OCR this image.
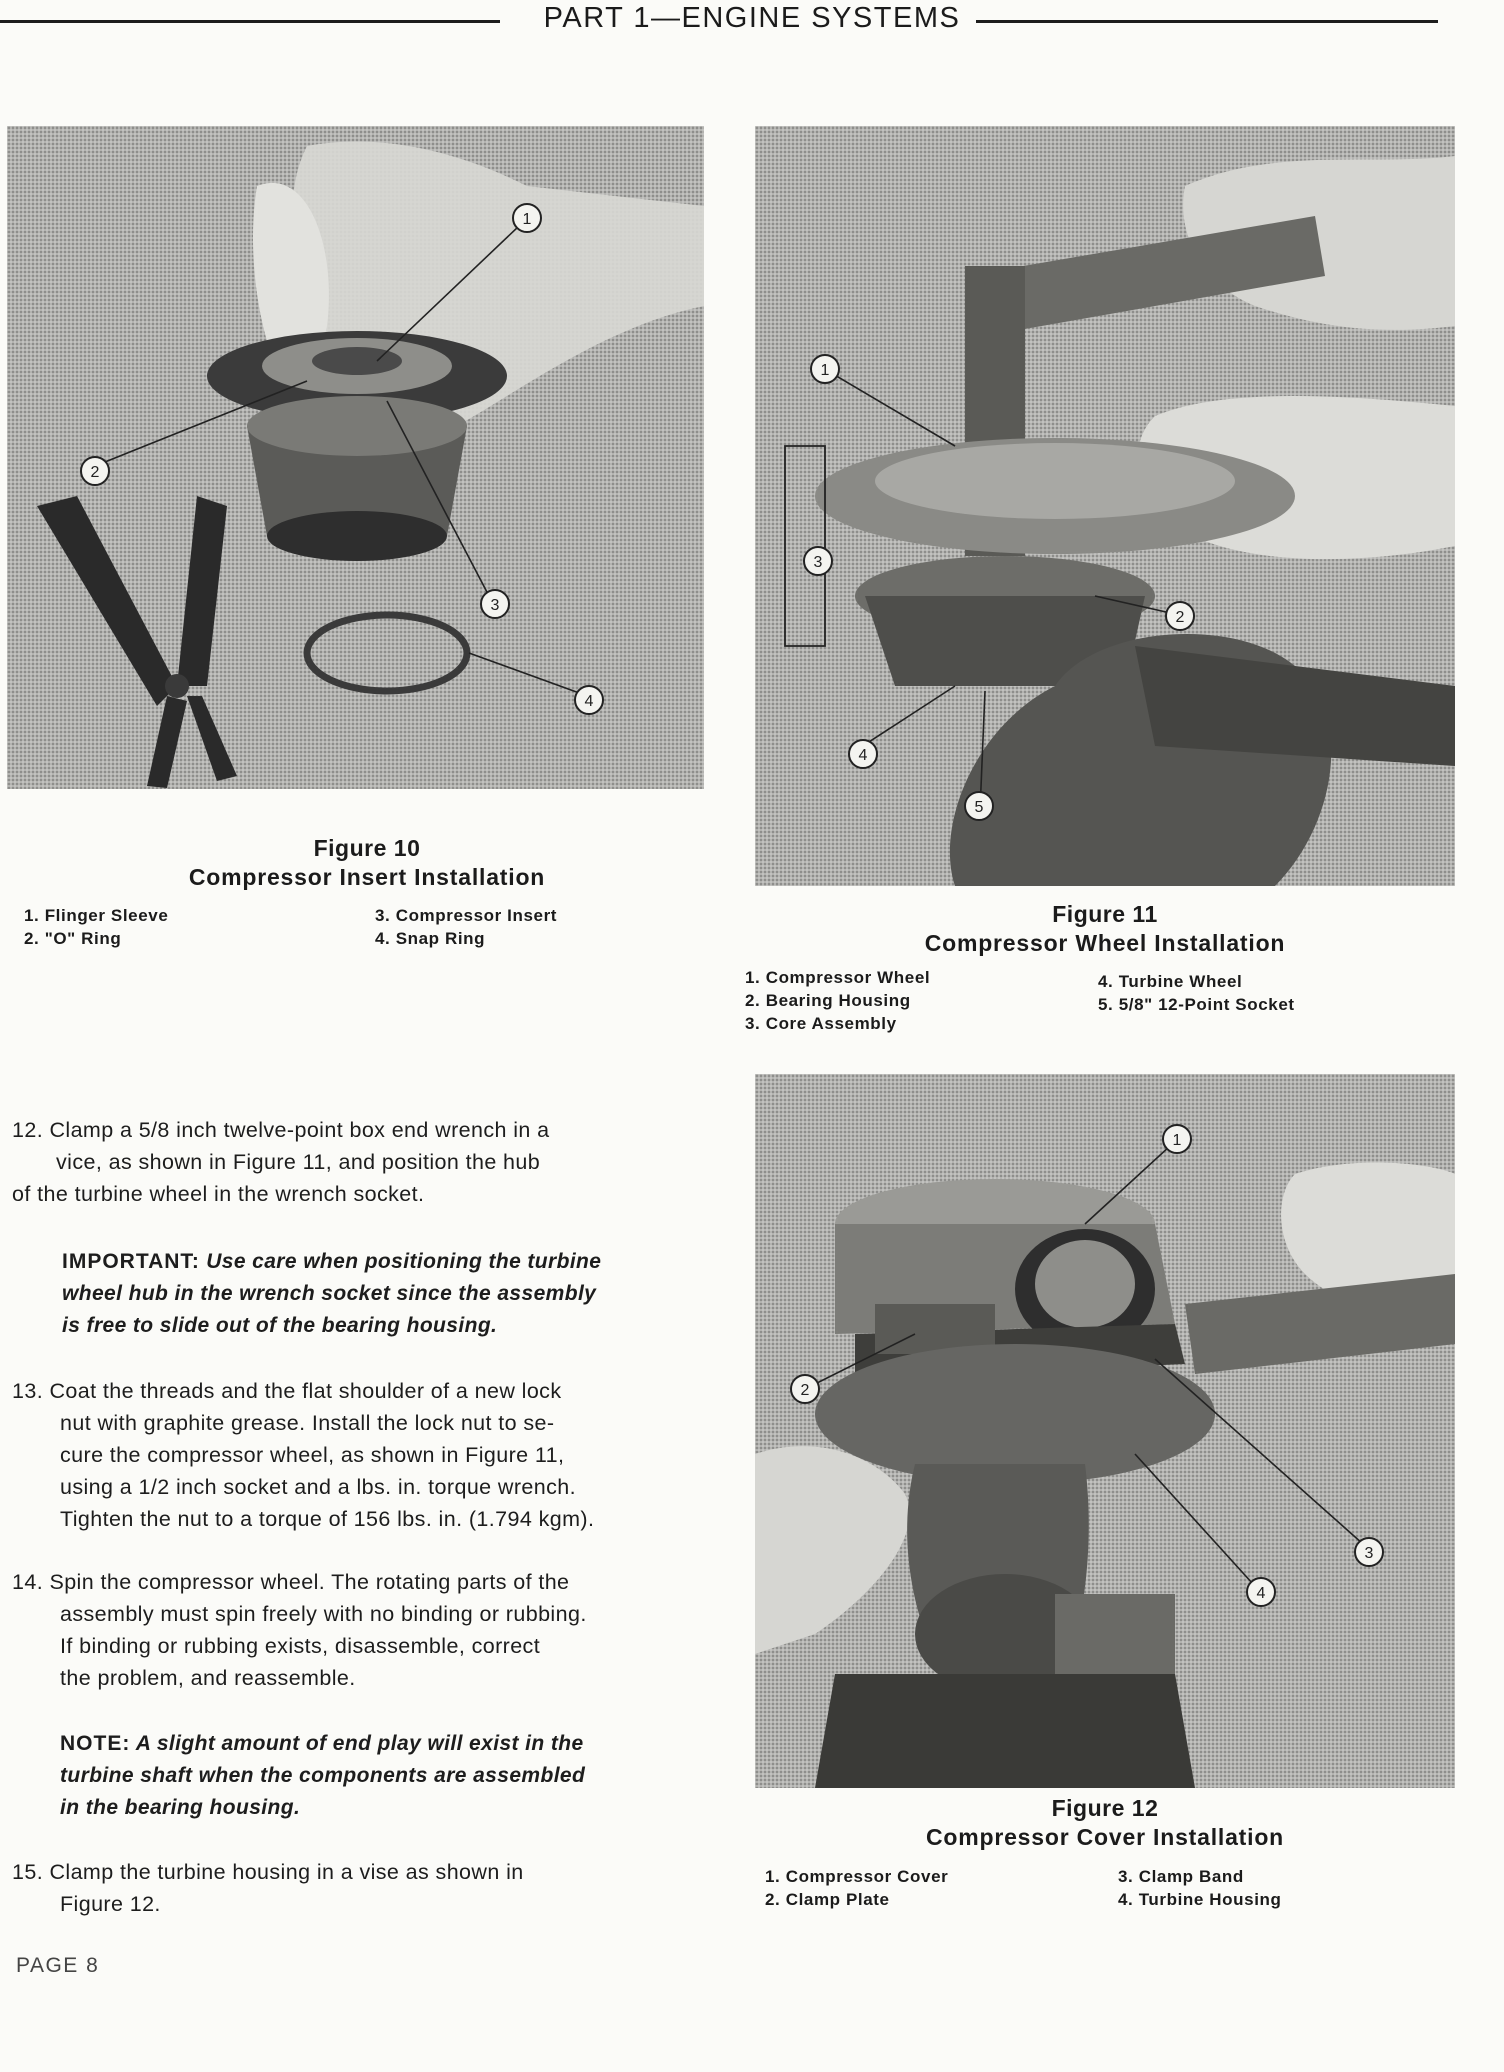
PART 1—ENGINE SYSTEMS
1
2
3
4
Figure 10
Compressor Insert Installation
1. Flinger Sleeve
2. "O" Ring
3. Compressor Insert
4. Snap Ring
1
2
3
4
5
Figure 11
Compressor Wheel Installation
1. Compressor Wheel
2. Bearing Housing
3. Core Assembly
4. Turbine Wheel
5. 5/8" 12-Point Socket
1
2
3
4
Figure 12
Compressor Cover Installation
1. Compressor Cover
2. Clamp Plate
3. Clamp Band
4. Turbine Housing
12. Clamp a 5/8 inch twelve-point box end wrench in a
vice, as shown in Figure 11, and position the hub
of the turbine wheel in the wrench socket.
IMPORTANT: Use care when positioning the turbine
wheel hub in the wrench socket since the assembly
is free to slide out of the bearing housing.
13. Coat the threads and the flat shoulder of a new lock
nut with graphite grease. Install the lock nut to se-
cure the compressor wheel, as shown in Figure 11,
using a 1/2 inch socket and a lbs. in. torque wrench.
Tighten the nut to a torque of 156 lbs. in. (1.794 kgm).
14. Spin the compressor wheel. The rotating parts of the
assembly must spin freely with no binding or rubbing.
If binding or rubbing exists, disassemble, correct
the problem, and reassemble.
NOTE: A slight amount of end play will exist in the
turbine shaft when the components are assembled
in the bearing housing.
15. Clamp the turbine housing in a vise as shown in
Figure 12.
PAGE 8
